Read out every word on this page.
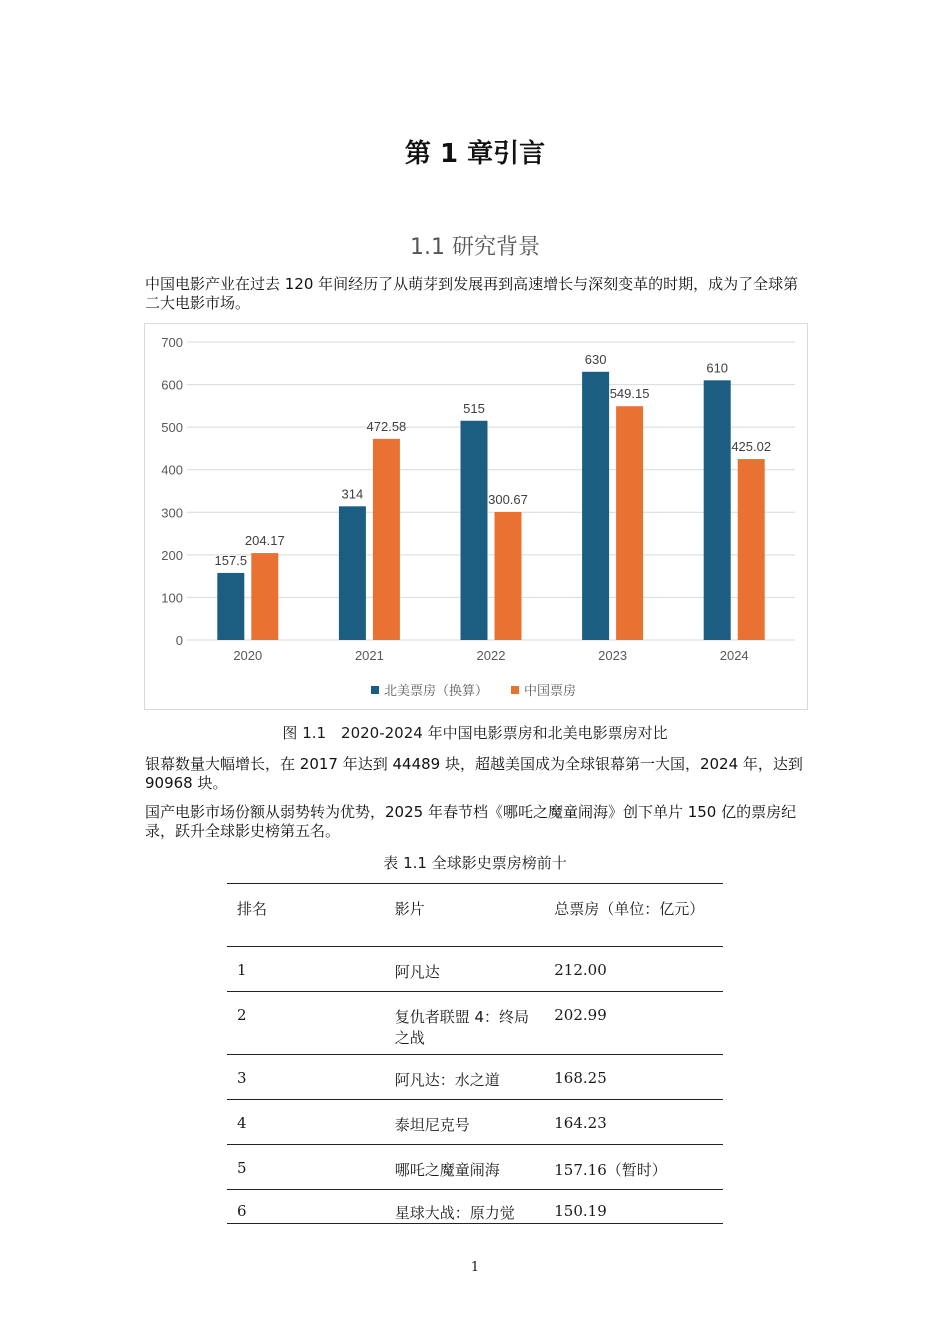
第 1 章引言
1.1 研究背景
中国电影产业在过去 120 年间经历了从萌芽到发展再到高速增长与深刻变革的时期，成为了全球第二大电影市场。
0
100
200
300
400
500
600
700
2020
157.5
204.17
2021
314
472.58
2022
515
300.67
2023
630
549.15
2024
610
425.02
北美票房（换算）	中国票房
图 1.1　2020-2024 年中国电影票房和北美电影票房对比
银幕数量大幅增长，在 2017 年达到 44489 块，超越美国成为全球银幕第一大国，2024 年，达到 90968 块。
国产电影市场份额从弱势转为优势，2025 年春节档《哪吒之魔童闹海》创下单片 150 亿的票房纪录，跃升全球影史榜第五名。
表 1.1 全球影史票房榜前十
排名	影片	总票房（单位：亿元）
1	阿凡达	212.00
2	复仇者联盟 4：终局之战	202.99
3	阿凡达：水之道	168.25
4	泰坦尼克号	164.23
5	哪吒之魔童闹海	157.16（暂时）
6	星球大战：原力觉	150.19
1
